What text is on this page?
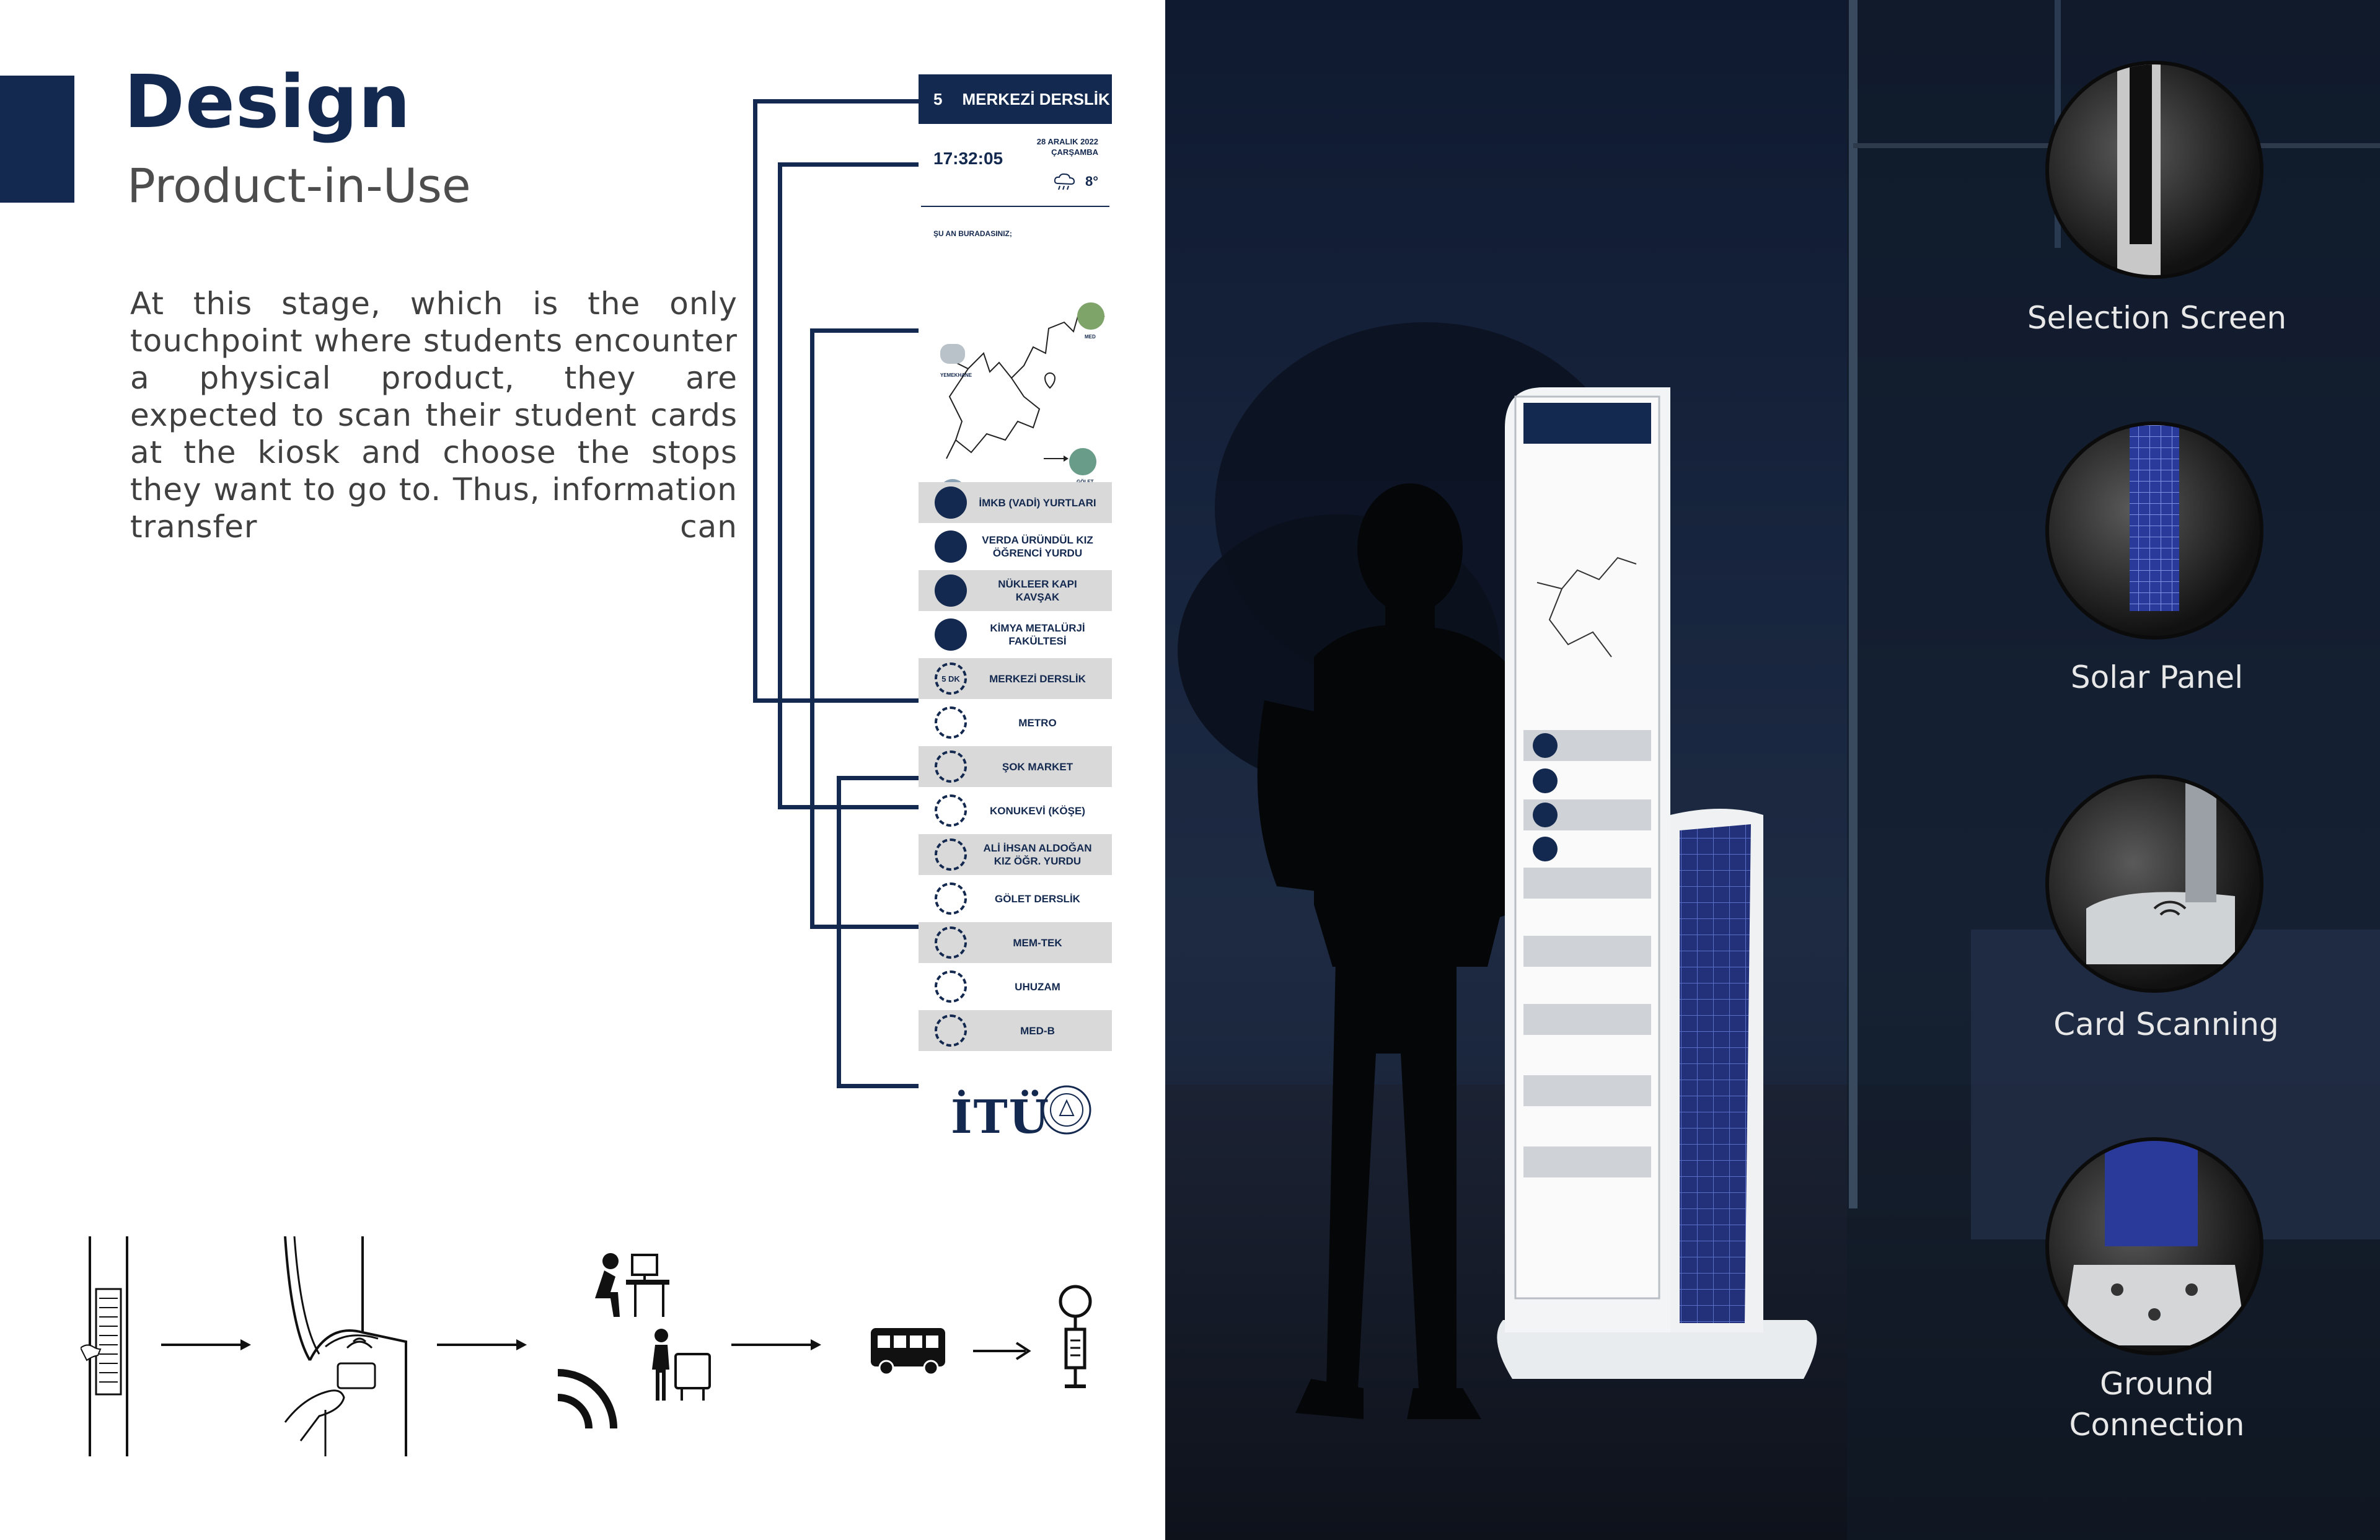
Design
Product-in-Use
At this stage, which is the only touchpoint where students encounter a physical product, they are expected to scan their student cards at the kiosk and choose the stops they want to go to. Thus, information transfer can
5 MERKEZİ DERSLİK
17:32:05
28 ARALIK 2022
ÇARŞAMBA
8°
ŞU AN BURADASINIZ;
YEMEKHANE
MED
İMKB (VADİ) YURTLARI
VERDA ÜRÜNDÜL KIZ ÖĞRENCİ YURDU
NÜKLEER KAPI KAVŞAK
KİMYA METALÜRJİ FAKÜLTESİ
5 DK	MERKEZİ DERSLİK
METRO
ŞOK MARKET
KONUKEVİ (KÖŞE)
ALİ İHSAN ALDOĞAN KIZ ÖĞR. YURDU
GÖLET DERSLİK
MEM-TEK
UHUZAM
MED-B
İTÜ
Selection Screen
Solar Panel
Card Scanning
Ground Connection
